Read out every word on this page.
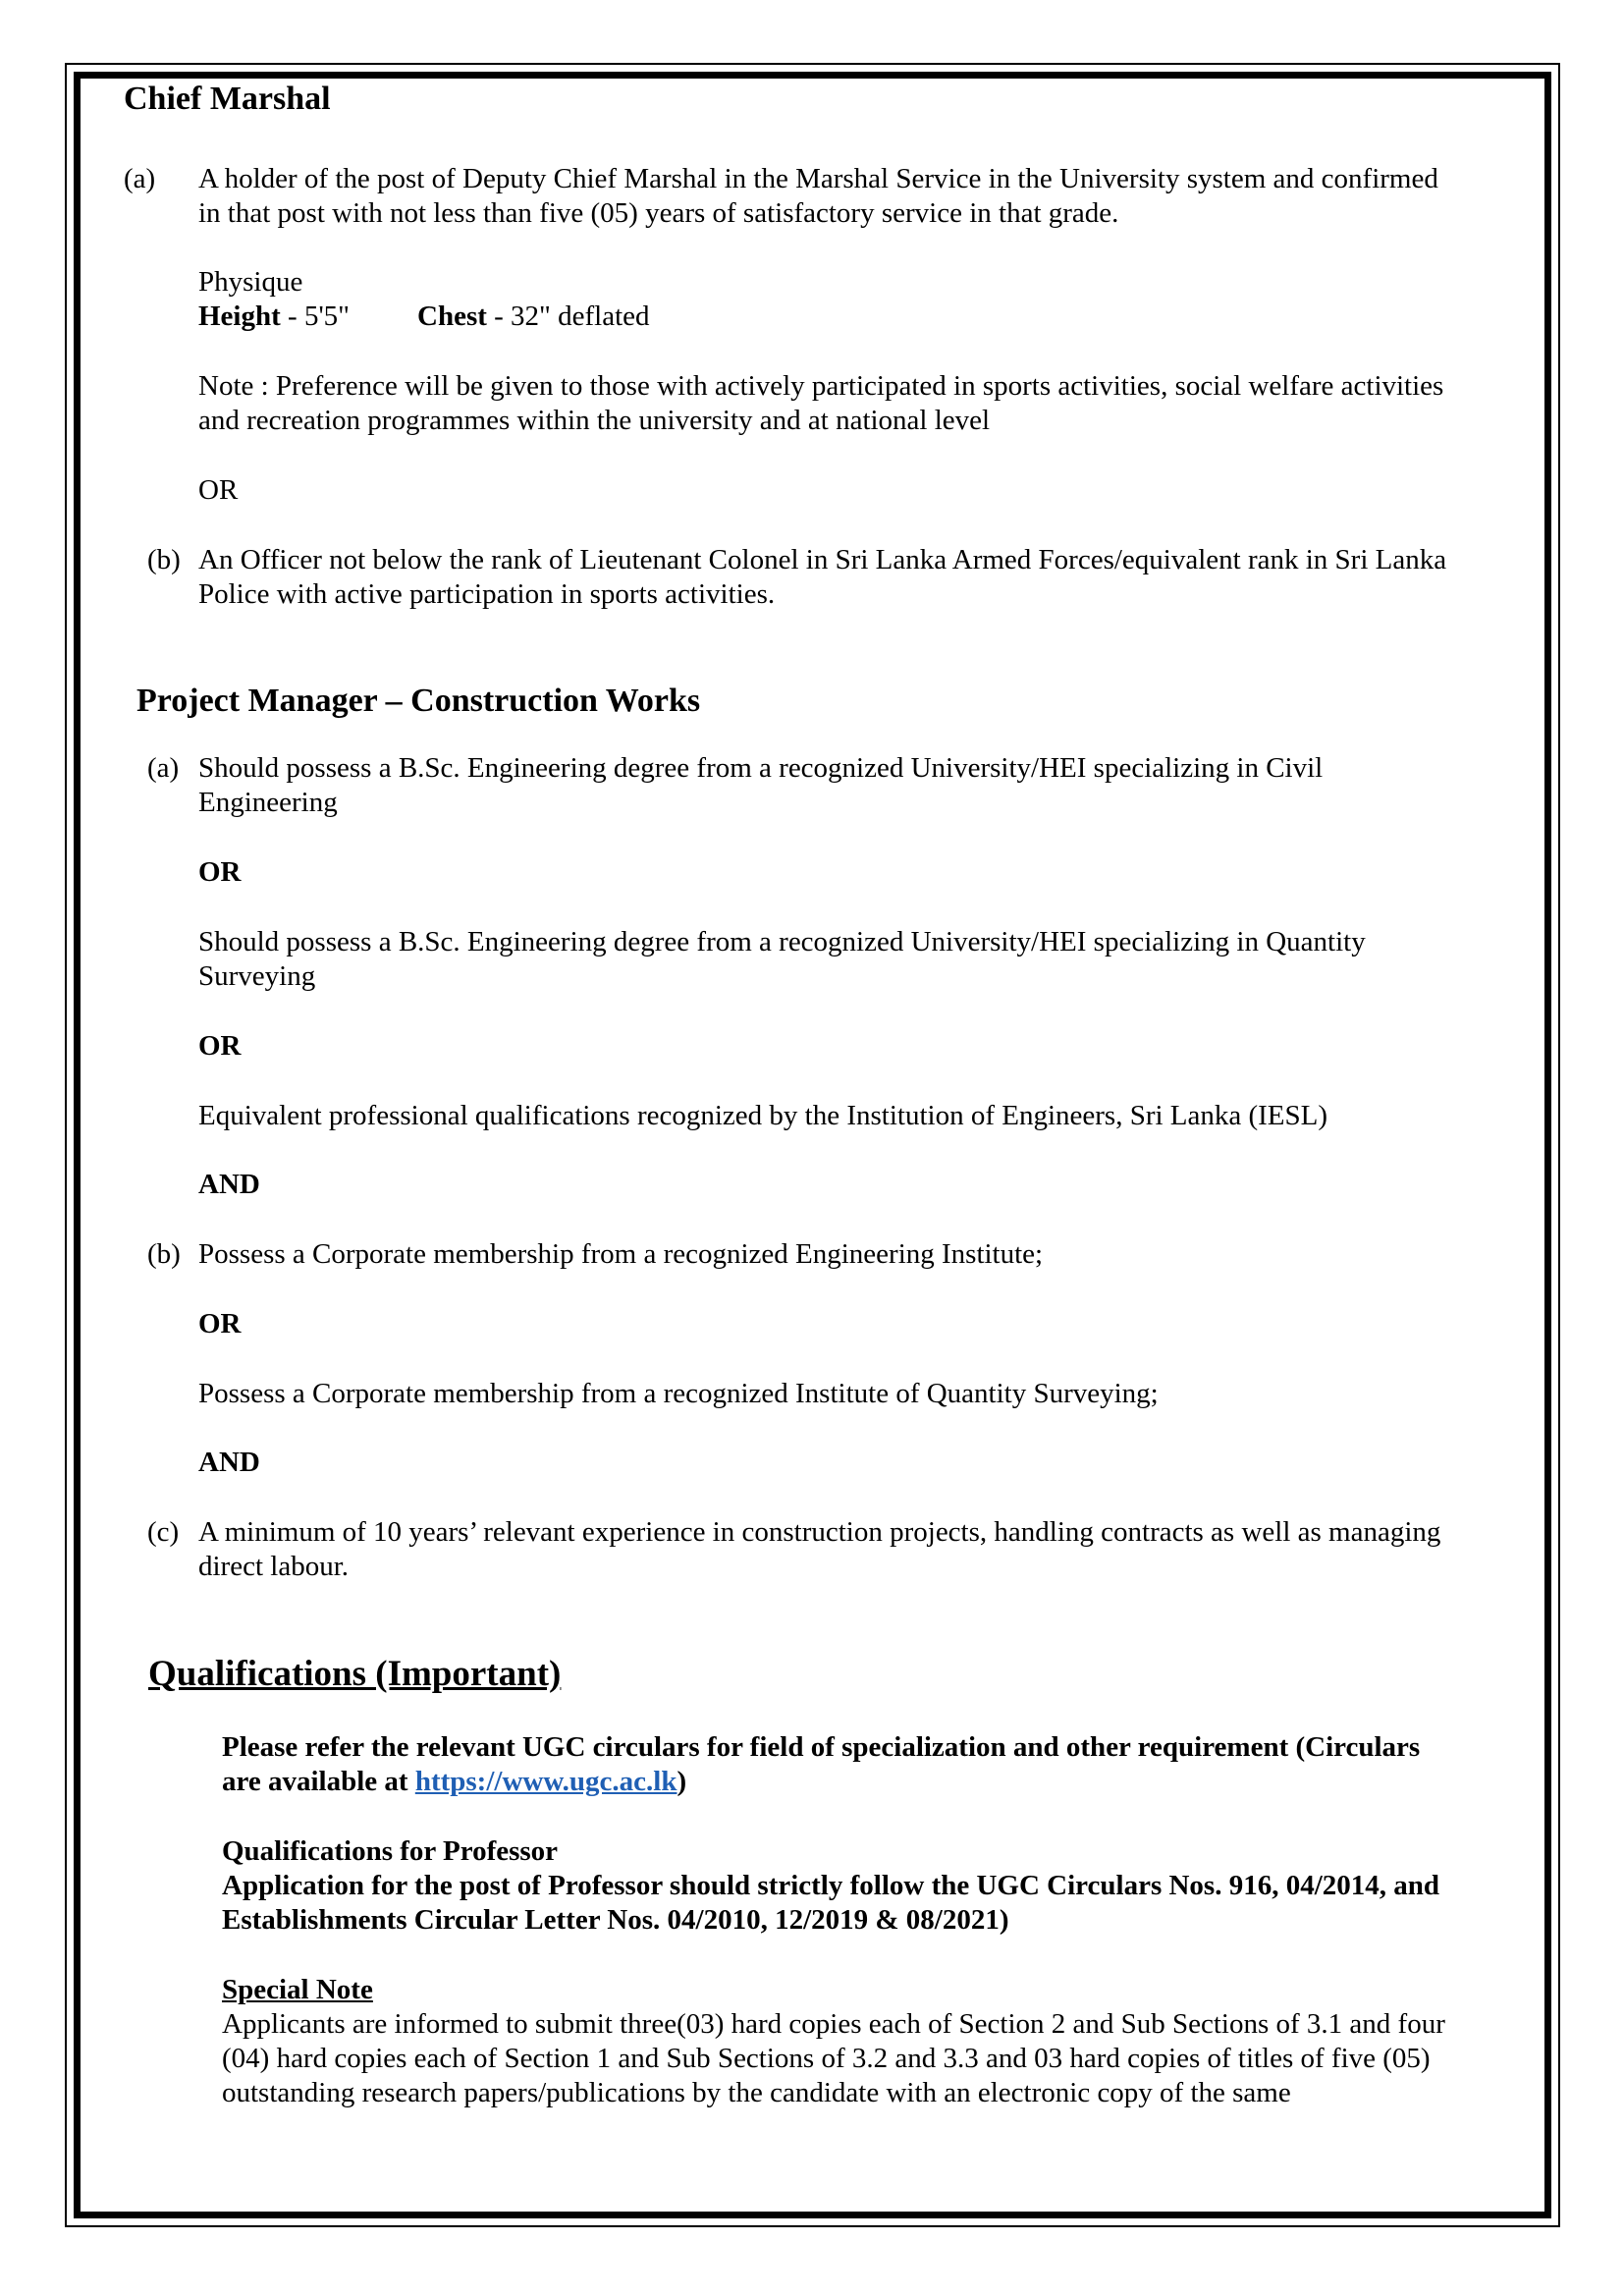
Chief Marshal
(a) A holder of the post of Deputy Chief Marshal in the Marshal Service in the University system and confirmed
in that post with not less than five (05) years of satisfactory service in that grade.
Physique
Height - 5'5" Chest - 32" deflated
Note : Preference will be given to those with actively participated in sports activities, social welfare activities
and recreation programmes within the university and at national level
OR
(b) An Officer not below the rank of Lieutenant Colonel in Sri Lanka Armed Forces/equivalent rank in Sri Lanka
Police with active participation in sports activities.
Project Manager – Construction Works
(a) Should possess a B.Sc. Engineering degree from a recognized University/HEI specializing in Civil
Engineering
OR
Should possess a B.Sc. Engineering degree from a recognized University/HEI specializing in Quantity
Surveying
OR
Equivalent professional qualifications recognized by the Institution of Engineers, Sri Lanka (IESL)
AND
(b) Possess a Corporate membership from a recognized Engineering Institute;
OR
Possess a Corporate membership from a recognized Institute of Quantity Surveying;
AND
(c) A minimum of 10 years’ relevant experience in construction projects, handling contracts as well as managing
direct labour.
Qualifications (Important)
Please refer the relevant UGC circulars for field of specialization and other requirement (Circulars
are available at https://www.ugc.ac.lk)
Qualifications for Professor
Application for the post of Professor should strictly follow the UGC Circulars Nos. 916, 04/2014, and
Establishments Circular Letter Nos. 04/2010, 12/2019 & 08/2021)
Special Note
Applicants are informed to submit three(03) hard copies each of Section 2 and Sub Sections of 3.1 and four
(04) hard copies each of Section 1 and Sub Sections of 3.2 and 3.3 and 03 hard copies of titles of five (05)
outstanding research papers/publications by the candidate with an electronic copy of the same
